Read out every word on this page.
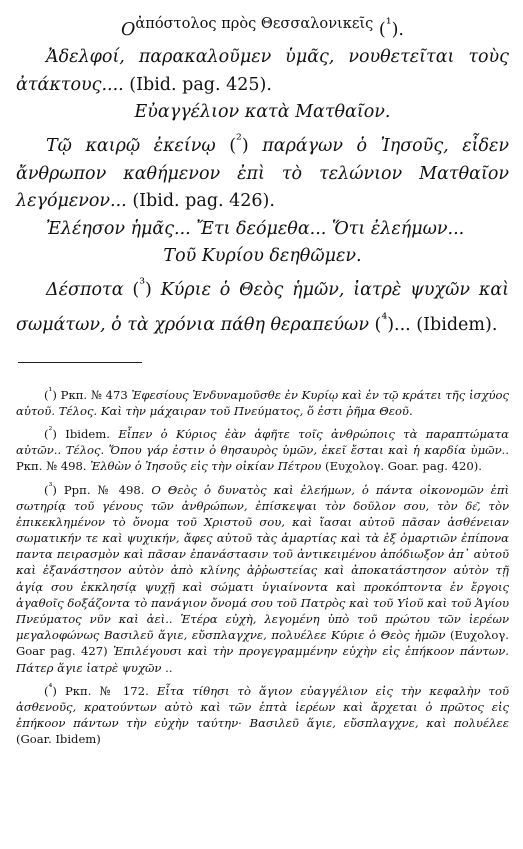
$O^{ἀ\pi ό\sigma\tau o\lambda o\varsigma \pi\rho ὸ\varsigma \Theta\varepsilon\sigma\sigma\alpha\lambda o\nu\iota\kappa\varepsilon ῖ\varsigma}$ ($^{^1}$).

Ἀδελφοί, παρακαλοῦμεν ὑμᾶς, νουθετεῖται τοὺς ἀτάκτους.... (Ibid. pag. 425).

Εὐαγγέλιον κατὰ Ματθαῖον.

Τῷ καιρῷ ἐκείνῳ ($^{^2}$) παράγων ὁ Ἰησοῦς, εἶδεν ἄνθρωπον καθήμενον ἐπὶ τὸ τελώνιον Ματθαῖον λεγόμενον... (Ibid. pag. 426).

Ἐλέησον ἡμᾶς... Ἔτι δεόμεθα... Ὅτι ἐλεήμων...

Τοῦ Κυρίου δεηθῶμεν.

Δέσποτα ($^{^3}$) Κύριε ὁ Θεὸς ἡμῶν, ἰατρὲ ψυχῶν καὶ σωμάτων, ὁ τὰ χρόνια πάθη θεραπεύων ($^{^4}$)... (Ibidem).

($^{^1}$) Ркп. № 473 Ἐφεσίους Ἐνδυναμοῦσθε ἐν Κυρίῳ καὶ ἐν τῷ κράτει τῆς ἰσχύος αὐτοῦ. Τέλος. Καὶ τὴν μάχαιραν τοῦ Πνεύματος, ὅ ἐστι ῥῆμα Θεοῦ.

($^{^2}$) Ibidem. Εἶπεν ὁ Κύριος ἐὰν ἀφῆτε τοῖς ἀνθρώποις τὰ παραπτώματα αὐτῶν.. Τέλος. Ὅπου γάρ ἐστιν ὁ θησαυρὸς ὑμῶν, ἐκεῖ ἔσται καὶ ἡ καρδία ὑμῶν.. Ркп. № 498. Ἐλθὼν ὁ Ἰησοῦς εἰς τὴν οἰκίαν Πέτρου (Ευχολογ. Goar. pag. 420).

($^{^3}$) Ррп. № 498. Ο Θεὸς ὁ δυνατὸς καὶ ἐλεήμων, ὁ πάντα οἰκονομῶν ἐπὶ σωτηρίᾳ τοῦ γένους τῶν ἀνθρώπων, ἐπίσκεψαι τὸν δοῦλον σου, τὸν δε͂, τὸν ἐπικεκλημένον τὸ ὄνομα τοῦ Χριστοῦ σου, καὶ ἴασαι αὐτοῦ πᾶσαν ἀσθένειαν σωματικήν τε καὶ ψυχικήν, ἄφες αὐτοῦ τὰς ἁμαρτίας καὶ τὰ ἐξ ὁμαρτιῶν ἐπίπονα παντα πειρασμὸν καὶ πᾶσαν ἐπανάστασιν τοῦ ἀντικειμένου ἀπόδιωξον ἀπ᾽ αὐτοῦ καὶ ἐξανάστησον αὐτὸν ἀπὸ κλίνης ἀῤῥωστείας καὶ ἀποκατάστησον αὐτὸν τῇ ἁγίᾳ σου ἐκκλησίᾳ ψυχῇ καὶ σώματι ὑγιαίνοντα καὶ προκόπτοντα ἐν ἔργοις ἀγαθοῖς δοξάζοντα τὸ πανάγιον ὄνομά σου τοῦ Πατρὸς καὶ τοῦ Υἱοῦ καὶ τοῦ Ἁγίου Πνεύματος νῦν καὶ ἀεὶ.. Ἑτέρα εὐχὴ, λεγομένη ὑπὸ τοῦ πρώτου τῶν ἱερέων μεγαλοφώνως Βασιλεῦ ἅγιε, εὔσπλαγχνε, πολυέλεε Κύριε ὁ Θεὸς ἡμῶν (Ευχολογ. Goar pag. 427) Ἐπιλέγουσι καὶ τὴν προγεγραμμένην εὐχὴν εἰς ἐπήκοον πάντων. Πάτερ ἅγιε ἰατρὲ ψυχῶν ..

($^{^4}$) Ркп. № 172. Εἶτα τίθησι τὸ ἅγιον εὐαγγέλιον εἰς τὴν κεφαλὴν τοῦ ἀσθενοῦς, κρατούντων αὐτὸ καὶ τῶν ἑπτὰ ἱερέων καὶ ἄρχεται ὁ πρῶτος εἰς ἐπήκοον πάντων τὴν εὐχὴν ταύτην· Βασιλεῦ ἅγιε, εὔσπλαγχνε, καὶ πολυέλεε (Goar. Ibidem)
